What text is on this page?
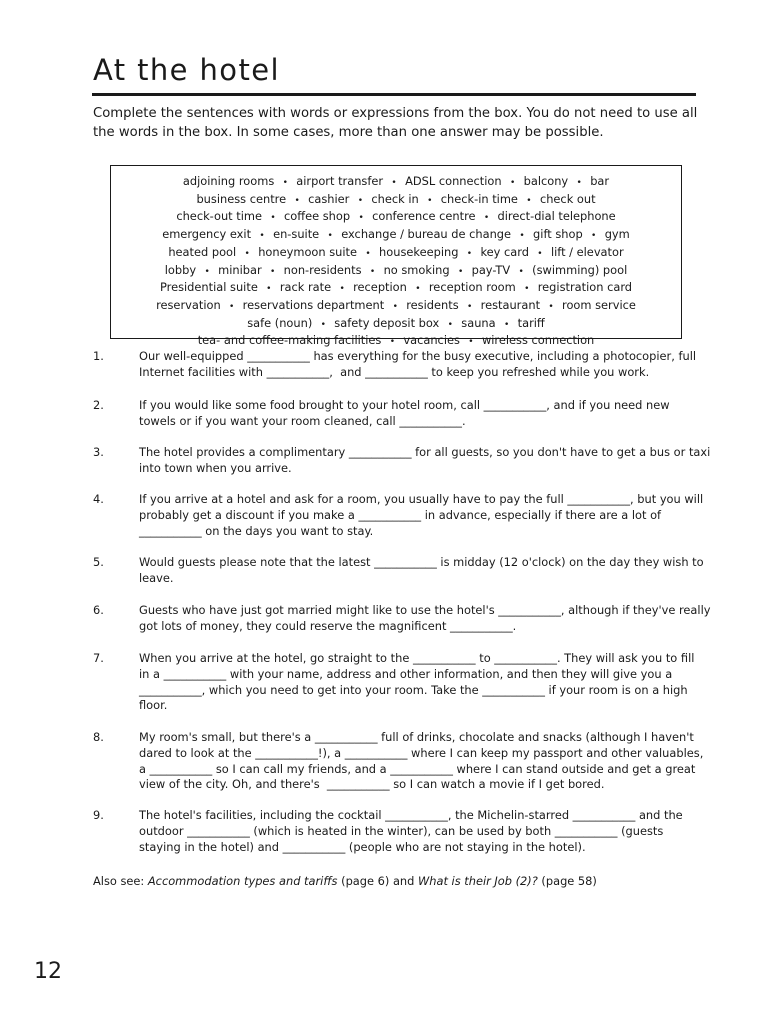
At the hotel

Complete the sentences with words or expressions from the box. You do not need to use all the words in the box. In some cases, more than one answer may be possible.

adjoining rooms • airport transfer • ADSL connection • balcony • bar
business centre • cashier • check in • check-in time • check out
check-out time • coffee shop • conference centre • direct-dial telephone
emergency exit • en-suite • exchange / bureau de change • gift shop • gym
heated pool • honeymoon suite • housekeeping • key card • lift / elevator
lobby • minibar • non-residents • no smoking • pay-TV • (swimming) pool
Presidential suite • rack rate • reception • reception room • registration card
reservation • reservations department • residents • restaurant • room service
safe (noun) • safety deposit box • sauna • tariff
tea- and coffee-making facilities • vacancies • wireless connection
1.	Our well-equipped ___________ has everything for the busy executive, including a photocopier, full
Internet facilities with ___________,  and ___________ to keep you refreshed while you work.
2.	If you would like some food brought to your hotel room, call ___________, and if you need new
towels or if you want your room cleaned, call ___________.
3.	The hotel provides a complimentary ___________ for all guests, so you don't have to get a bus or taxi
into town when you arrive.
4.	If you arrive at a hotel and ask for a room, you usually have to pay the full ___________, but you will
probably get a discount if you make a ___________ in advance, especially if there are a lot of
___________ on the days you want to stay.
5.	Would guests please note that the latest ___________ is midday (12 o'clock) on the day they wish to
leave.
6.	Guests who have just got married might like to use the hotel's ___________, although if they've really
got lots of money, they could reserve the magnificent ___________.
7.	When you arrive at the hotel, go straight to the ___________ to ___________. They will ask you to fill
in a ___________ with your name, address and other information, and then they will give you a
___________, which you need to get into your room. Take the ___________ if your room is on a high
floor.
8.	My room's small, but there's a ___________ full of drinks, chocolate and snacks (although I haven't
dared to look at the ___________!), a ___________ where I can keep my passport and other valuables,
a ___________ so I can call my friends, and a ___________ where I can stand outside and get a great
view of the city. Oh, and there's  ___________ so I can watch a movie if I get bored.
9.	The hotel's facilities, including the cocktail ___________, the Michelin-starred ___________ and the
outdoor ___________ (which is heated in the winter), can be used by both ___________ (guests
staying in the hotel) and ___________ (people who are not staying in the hotel).
Also see: Accommodation types and tariffs (page 6) and What is their Job (2)? (page 58)
12
